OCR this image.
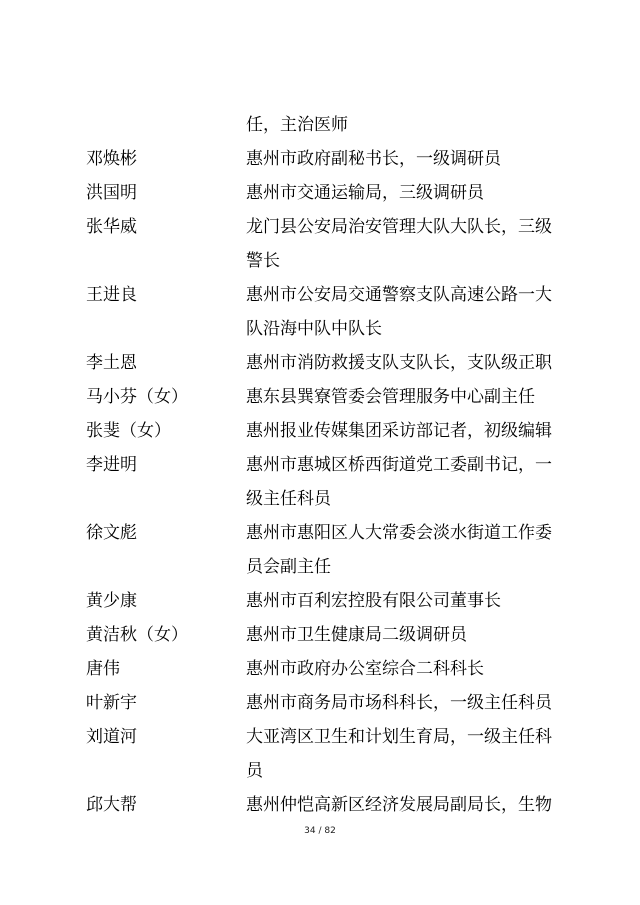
任，主治医师
邓焕彬	惠州市政府副秘书长，一级调研员
洪国明	惠州市交通运输局，三级调研员
张华威	龙门县公安局治安管理大队大队长，三级
警长
王进良	惠州市公安局交通警察支队高速公路一大
队沿海中队中队长
李土恩	惠州市消防救援支队支队长，支队级正职
马小芬（女）	惠东县巽寮管委会管理服务中心副主任
张斐（女）	惠州报业传媒集团采访部记者，初级编辑
李进明	惠州市惠城区桥西街道党工委副书记，一
级主任科员
徐文彪	惠州市惠阳区人大常委会淡水街道工作委
员会副主任
黄少康	惠州市百利宏控股有限公司董事长
黄洁秋（女）	惠州市卫生健康局二级调研员
唐伟	惠州市政府办公室综合二科科长
叶新宇	惠州市商务局市场科科长，一级主任科员
刘道河	大亚湾区卫生和计划生育局，一级主任科
员
邱大帮	惠州仲恺高新区经济发展局副局长，生物
34 / 82
